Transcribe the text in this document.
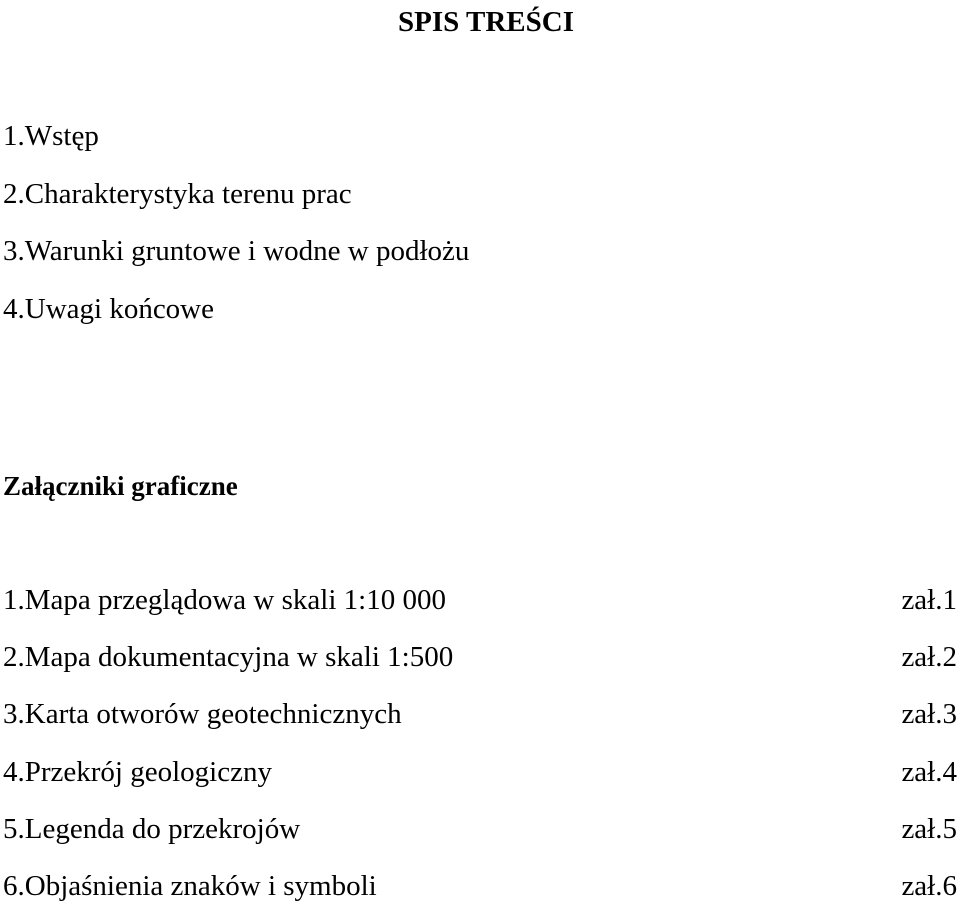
SPIS TREŚCI
1.Wstęp
2.Charakterystyka terenu prac
3.Warunki gruntowe i wodne w podłożu
4.Uwagi końcowe
Załączniki graficzne
1.Mapa przeglądowa w skali 1:10 000	zał.1
2.Mapa dokumentacyjna w skali 1:500	zał.2
3.Karta otworów geotechnicznych	zał.3
4.Przekrój geologiczny	zał.4
5.Legenda do przekrojów	zał.5
6.Objaśnienia znaków i symboli	zał.6
